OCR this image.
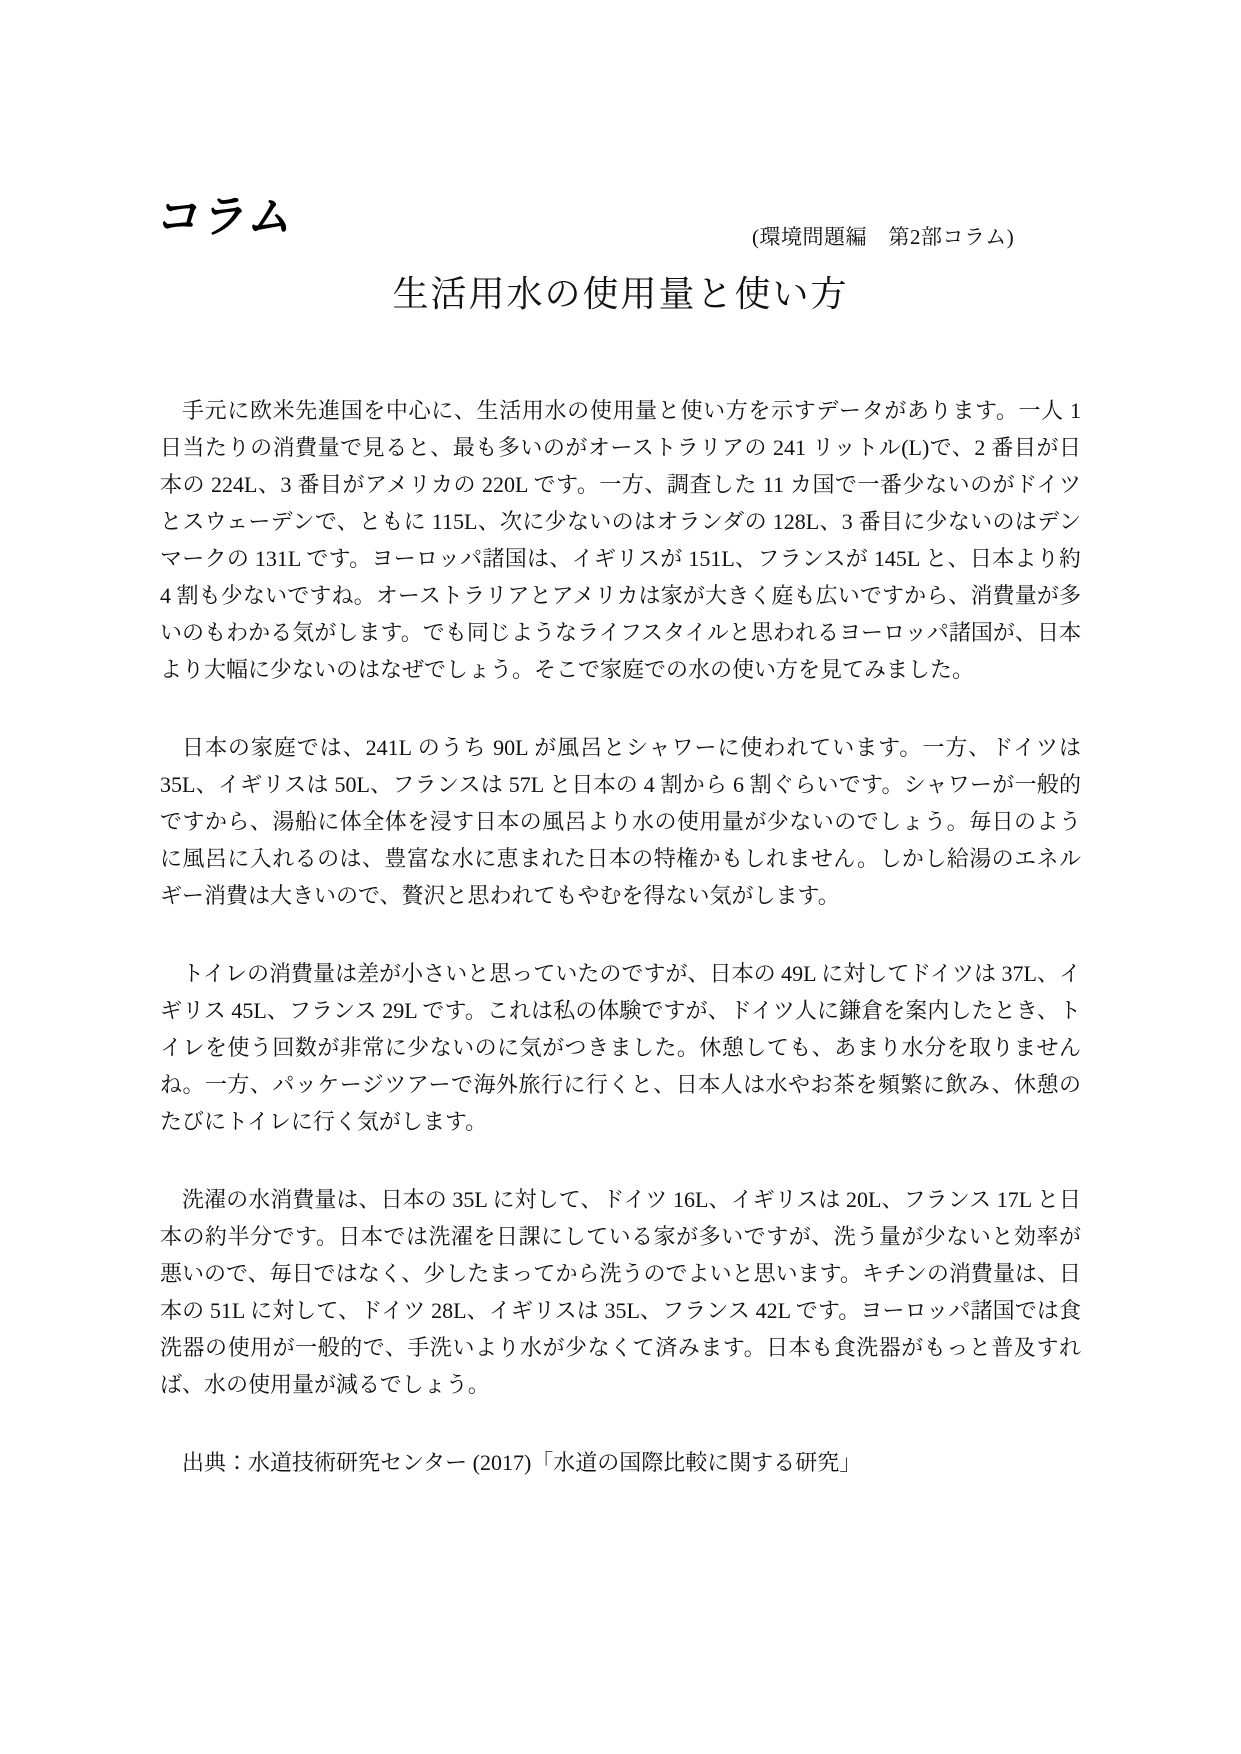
コラム	(環境問題編　第2部コラム)
生活用水の使用量と使い方

手元に欧米先進国を中心に、生活用水の使用量と使い方を示すデータがあります。一人 1 日当たりの消費量で見ると、最も多いのがオーストラリアの 241 リットル(L)で、2 番目が日本の 224L、3 番目がアメリカの 220L です。一方、調査した 11 カ国で一番少ないのがドイツとスウェーデンで、ともに 115L、次に少ないのはオランダの 128L、3 番目に少ないのはデンマークの 131L です。ヨーロッパ諸国は、イギリスが 151L、フランスが 145L と、日本より約 4 割も少ないですね。オーストラリアとアメリカは家が大きく庭も広いですから、消費量が多いのもわかる気がします。でも同じようなライフスタイルと思われるヨーロッパ諸国が、日本より大幅に少ないのはなぜでしょう。そこで家庭での水の使い方を見てみました。

日本の家庭では、241L のうち 90L が風呂とシャワーに使われています。一方、ドイツは 35L、イギリスは 50L、フランスは 57L と日本の 4 割から 6 割ぐらいです。シャワーが一般的ですから、湯船に体全体を浸す日本の風呂より水の使用量が少ないのでしょう。毎日のように風呂に入れるのは、豊富な水に恵まれた日本の特権かもしれません。しかし給湯のエネルギー消費は大きいので、贅沢と思われてもやむを得ない気がします。

トイレの消費量は差が小さいと思っていたのですが、日本の 49L に対してドイツは 37L、イギリス 45L、フランス 29L です。これは私の体験ですが、ドイツ人に鎌倉を案内したとき、トイレを使う回数が非常に少ないのに気がつきました。休憩しても、あまり水分を取りませんね。一方、パッケージツアーで海外旅行に行くと、日本人は水やお茶を頻繁に飲み、休憩のたびにトイレに行く気がします。

洗濯の水消費量は、日本の 35L に対して、ドイツ 16L、イギリスは 20L、フランス 17L と日本の約半分です。日本では洗濯を日課にしている家が多いですが、洗う量が少ないと効率が悪いので、毎日ではなく、少したまってから洗うのでよいと思います。キチンの消費量は、日本の 51L に対して、ドイツ 28L、イギリスは 35L、フランス 42L です。ヨーロッパ諸国では食洗器の使用が一般的で、手洗いより水が少なくて済みます。日本も食洗器がもっと普及すれば、水の使用量が減るでしょう。

出典：水道技術研究センター (2017)「水道の国際比較に関する研究」
